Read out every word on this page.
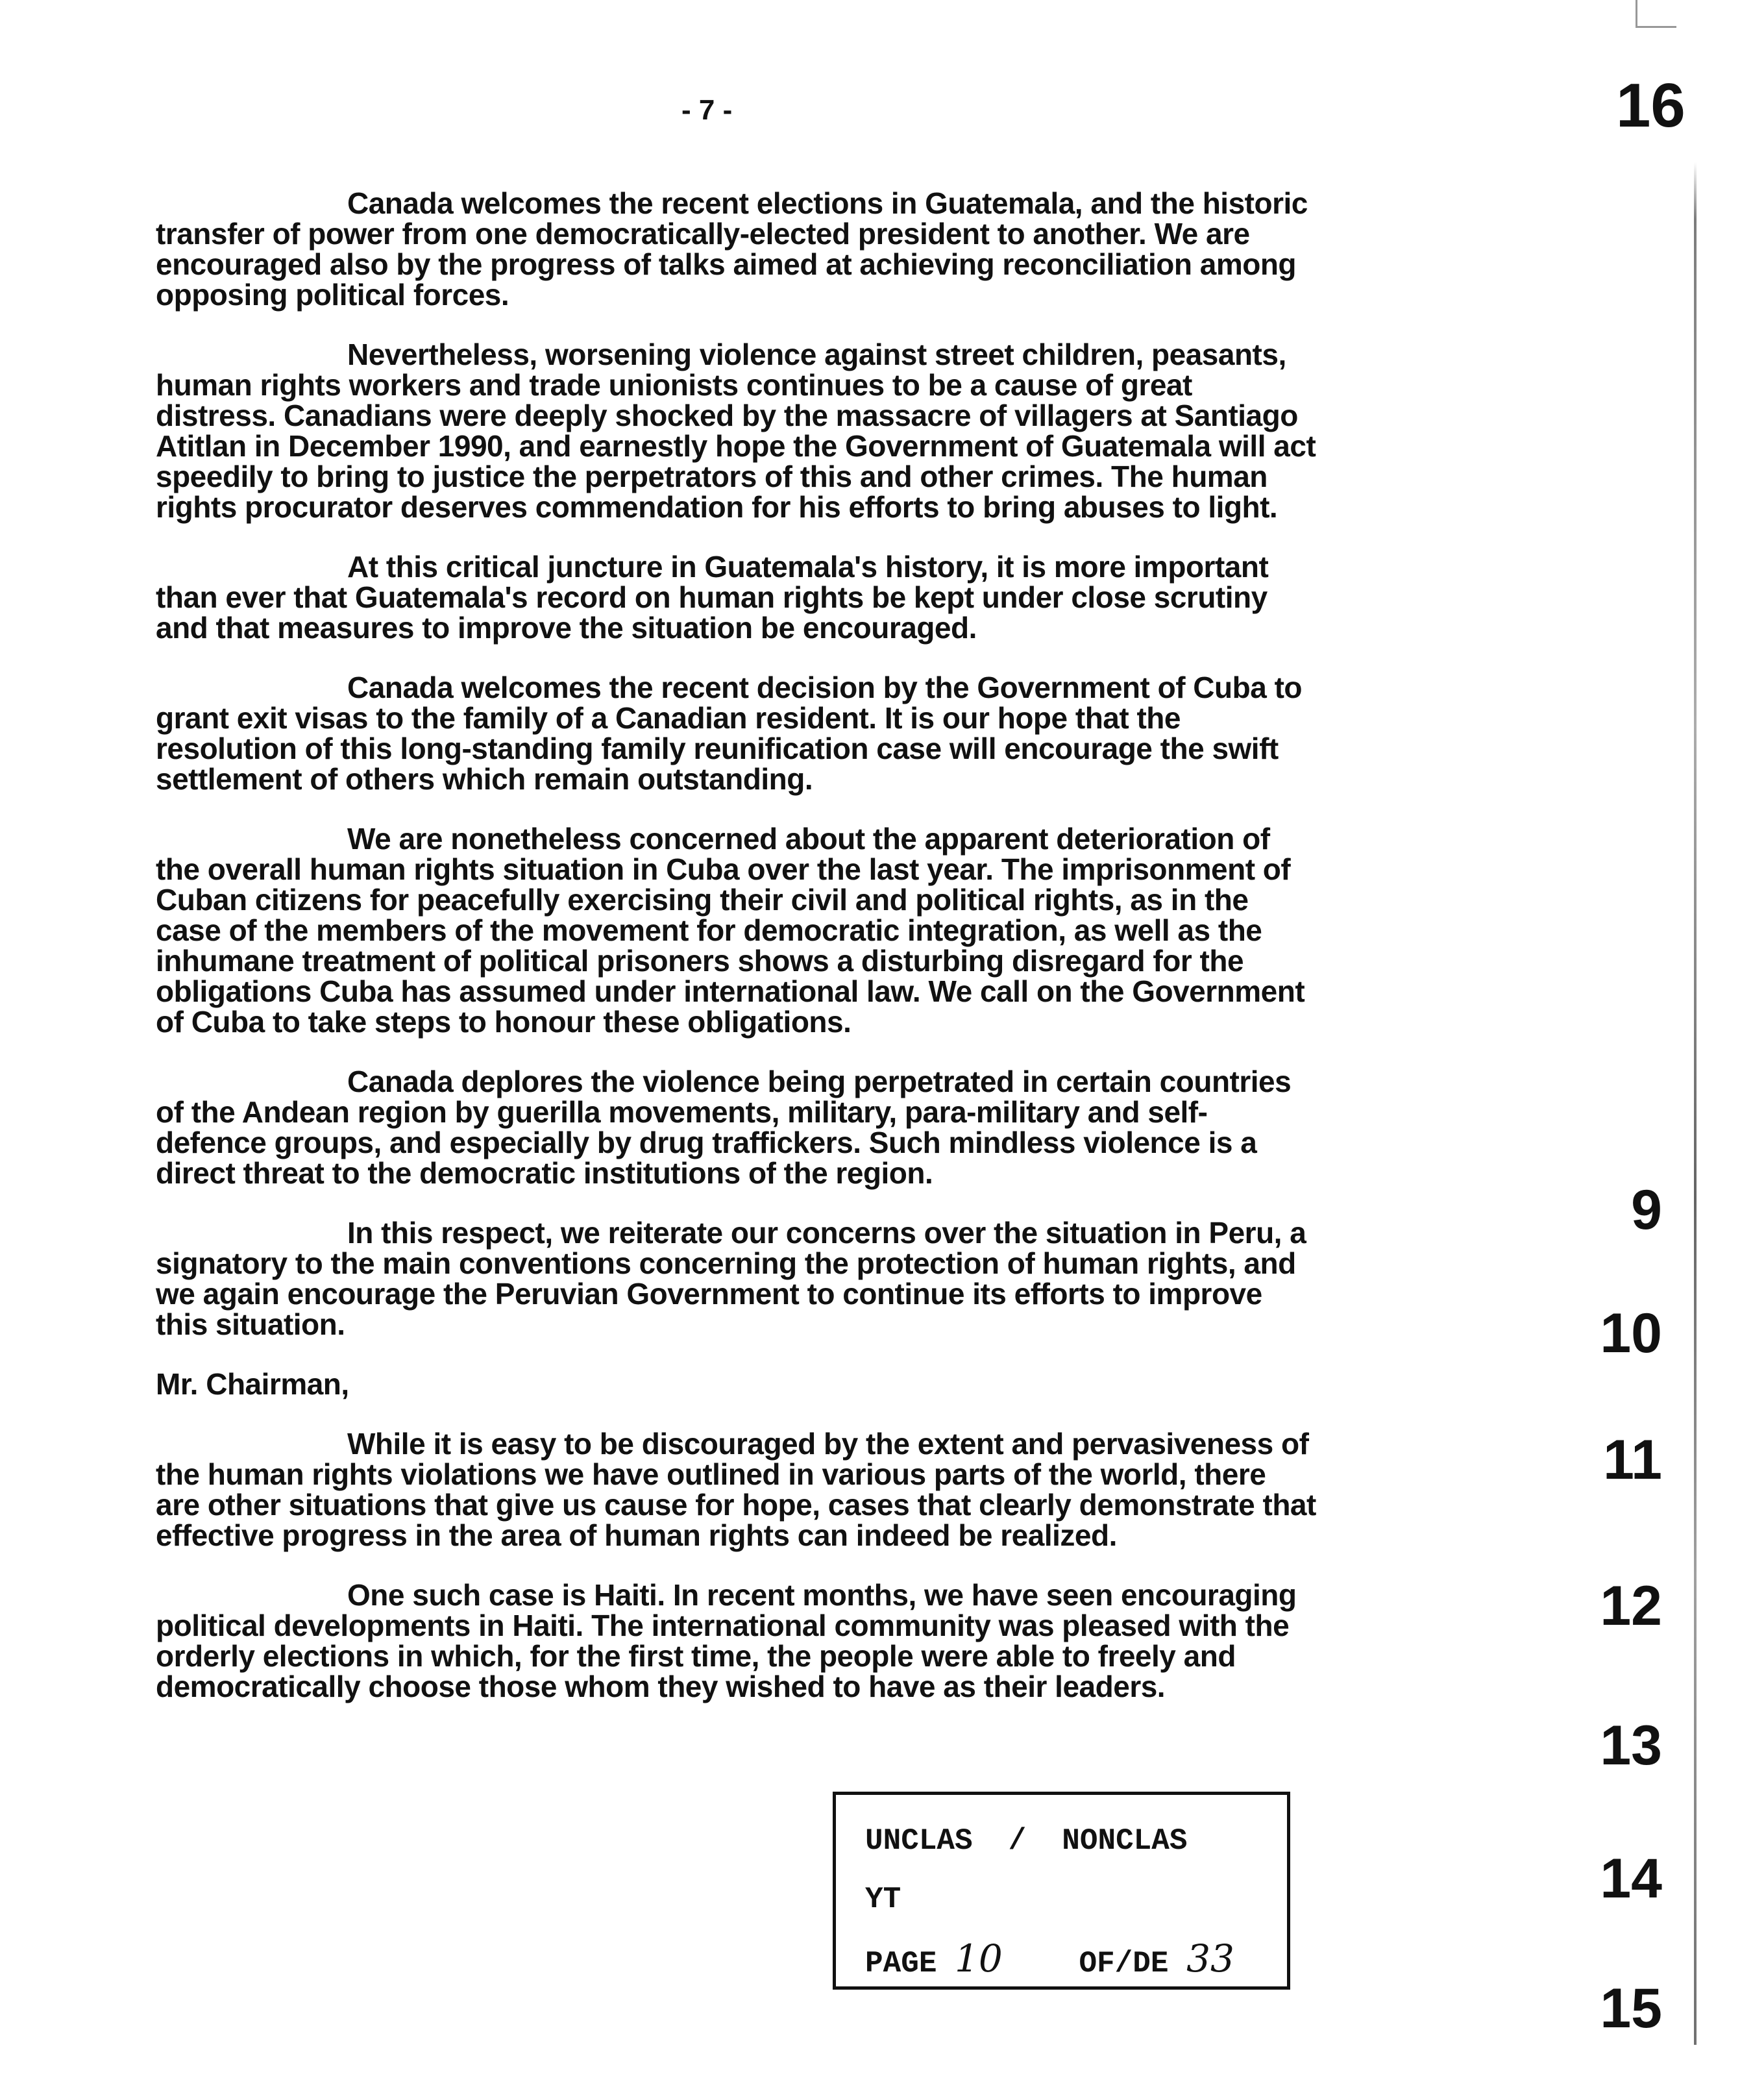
- 7 -	16

Canada welcomes the recent elections in Guatemala, and the historic transfer of power from one democratically-elected president to another. We are encouraged also by the progress of talks aimed at achieving reconciliation among opposing political forces.

Nevertheless, worsening violence against street children, peasants, human rights workers and trade unionists continues to be a cause of great distress. Canadians were deeply shocked by the massacre of villagers at Santiago Atitlan in December 1990, and earnestly hope the Government of Guatemala will act speedily to bring to justice the perpetrators of this and other crimes. The human rights procurator deserves commendation for his efforts to bring abuses to light.

At this critical juncture in Guatemala's history, it is more important than ever that Guatemala's record on human rights be kept under close scrutiny and that measures to improve the situation be encouraged.

Canada welcomes the recent decision by the Government of Cuba to grant exit visas to the family of a Canadian resident. It is our hope that the resolution of this long-standing family reunification case will encourage the swift settlement of others which remain outstanding.

We are nonetheless concerned about the apparent deterioration of the overall human rights situation in Cuba over the last year. The imprisonment of Cuban citizens for peacefully exercising their civil and political rights, as in the case of the members of the movement for democratic integration, as well as the inhumane treatment of political prisoners shows a disturbing disregard for the obligations Cuba has assumed under international law. We call on the Government of Cuba to take steps to honour these obligations.

Canada deplores the violence being perpetrated in certain countries of the Andean region by guerilla movements, military, para-military and self-defence groups, and especially by drug traffickers. Such mindless violence is a direct threat to the democratic institutions of the region.

In this respect, we reiterate our concerns over the situation in Peru, a signatory to the main conventions concerning the protection of human rights, and we again encourage the Peruvian Government to continue its efforts to improve this situation.

Mr. Chairman,

While it is easy to be discouraged by the extent and pervasiveness of the human rights violations we have outlined in various parts of the world, there are other situations that give us cause for hope, cases that clearly demonstrate that effective progress in the area of human rights can indeed be realized.

One such case is Haiti. In recent months, we have seen encouraging political developments in Haiti. The international community was pleased with the orderly elections in which, for the first time, the people were able to freely and democratically choose those whom they wished to have as their leaders.

9
10
11
12
13
14
15
UNCLAS / NONCLAS
YT
PAGE 10	OF/DE 33
